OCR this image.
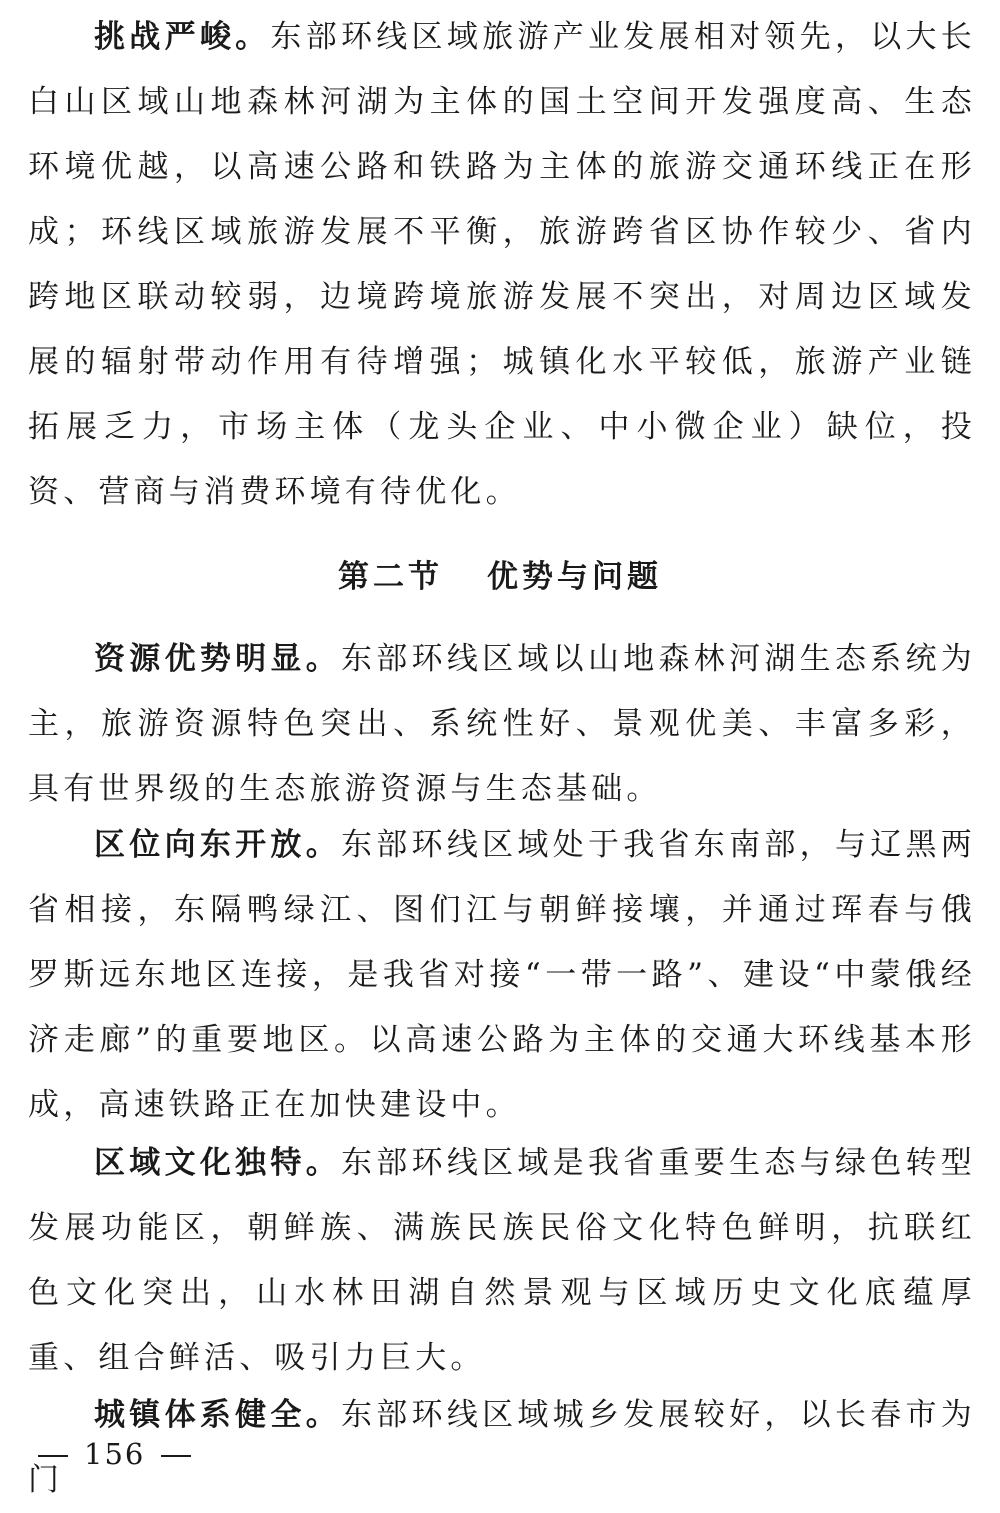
挑战严峻。东部环线区域旅游产业发展相对领先，以大长白山区域山地森林河湖为主体的国土空间开发强度高、生态环境优越，以高速公路和铁路为主体的旅游交通环线正在形成；环线区域旅游发展不平衡，旅游跨省区协作较少、省内跨地区联动较弱，边境跨境旅游发展不突出，对周边区域发展的辐射带动作用有待增强；城镇化水平较低，旅游产业链拓展乏力，市场主体（龙头企业、中小微企业）缺位，投资、营商与消费环境有待优化。

第二节 优势与问题

资源优势明显。东部环线区域以山地森林河湖生态系统为主，旅游资源特色突出、系统性好、景观优美、丰富多彩，具有世界级的生态旅游资源与生态基础。

区位向东开放。东部环线区域处于我省东南部，与辽黑两省相接，东隔鸭绿江、图们江与朝鲜接壤，并通过珲春与俄罗斯远东地区连接，是我省对接“一带一路”、建设“中蒙俄经济走廊”的重要地区。以高速公路为主体的交通大环线基本形成，高速铁路正在加快建设中。

区域文化独特。东部环线区域是我省重要生态与绿色转型发展功能区，朝鲜族、满族民族民俗文化特色鲜明，抗联红色文化突出，山水林田湖自然景观与区域历史文化底蕴厚重、组合鲜活、吸引力巨大。

城镇体系健全。东部环线区域城乡发展较好，以长春市为门

156
